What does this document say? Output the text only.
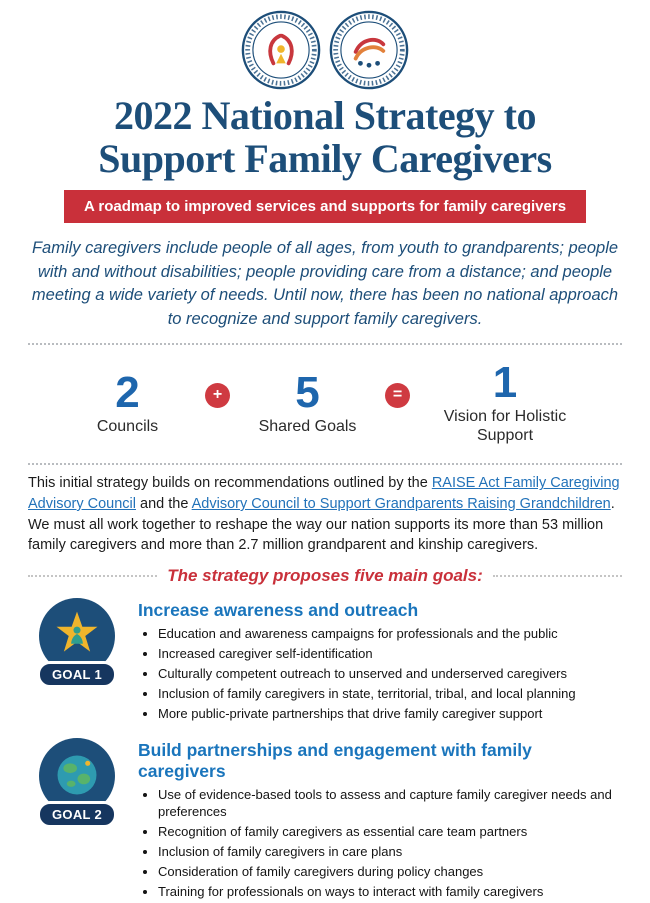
2022 National Strategy to
Support Family Caregivers
A roadmap to improved services and supports for family caregivers

Family caregivers include people of all ages, from youth to grandparents; people with and without disabilities; people providing care from a distance; and people meeting a wide variety of needs. Until now, there has been no national approach to recognize and support family caregivers.

2
Councils
+ 5
Shared Goals
= 1
Vision for Holistic Support

This initial strategy builds on recommendations outlined by the RAISE Act Family Caregiving Advisory Council and the Advisory Council to Support Grandparents Raising Grandchildren. We must all work together to reshape the way our nation supports its more than 53 million family caregivers and more than 2.7 million grandparent and kinship caregivers.

The strategy proposes five main goals:
GOAL 1
Increase awareness and outreach
• Education and awareness campaigns for professionals and the public
• Increased caregiver self-identification
• Culturally competent outreach to unserved and underserved caregivers
• Inclusion of family caregivers in state, territorial, tribal, and local planning
• More public-private partnerships that drive family caregiver support
GOAL 2
Build partnerships and engagement with family caregivers
• Use of evidence-based tools to assess and capture family caregiver needs and preferences
• Recognition of family caregivers as essential care team partners
• Inclusion of family caregivers in care plans
• Consideration of family caregivers during policy changes
• Training for professionals on ways to interact with family caregivers
